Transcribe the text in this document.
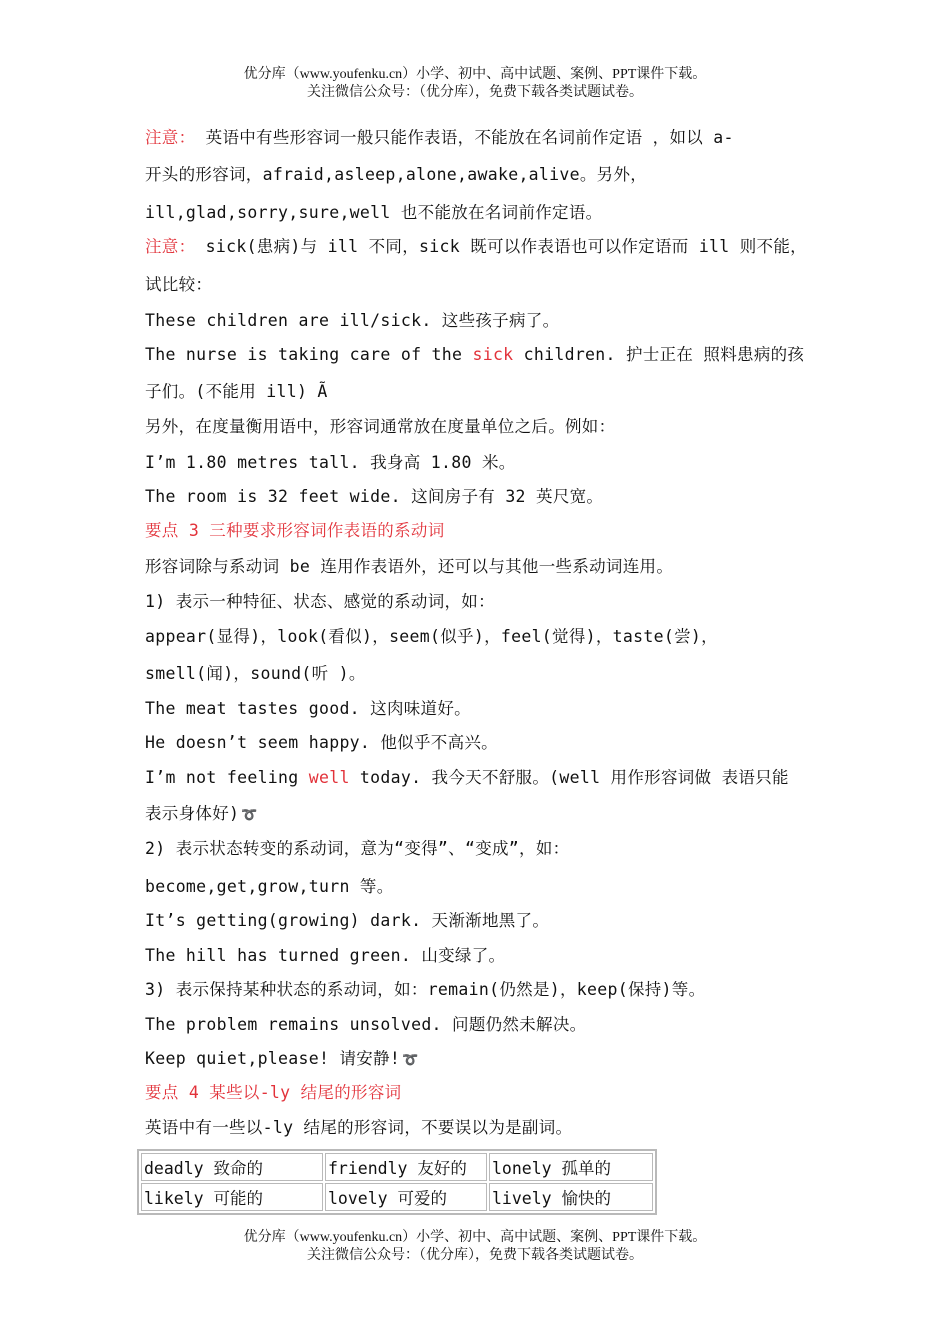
优分库（www.youfenku.cn）小学、初中、高中试题、案例、PPT课件下载。
关注微信公众号：（优分库），免费下载各类试题试卷。
注意： 英语中有些形容词一般只能作表语，不能放在名词前作定语 ，如以 a-
开头的形容词，afraid,asleep,alone,awake,alive。另外，
ill,glad,sorry,sure,well 也不能放在名词前作定语。
注意： sick(患病)与 ill 不同，sick 既可以作表语也可以作定语而 ill 则不能，
试比较：
These children are ill/sick. 这些孩子病了。
The nurse is taking care of the sick children. 护士正在 照料患病的孩
子们。(不能用 ill) Ã
另外，在度量衡用语中，形容词通常放在度量单位之后。例如：
I’m 1.80 metres tall. 我身高 1.80 米。
The room is 32 feet wide. 这间房子有 32 英尺宽。
要点 3 三种要求形容词作表语的系动词
形容词除与系动词 be 连用作表语外，还可以与其他一些系动词连用。
1) 表示一种特征、状态、感觉的系动词，如：
appear(显得)，look(看似)，seem(似乎)，feel(觉得)，taste(尝)，
smell(闻)，sound(听 )。
The meat tastes good. 这肉味道好。
He doesn’t seem happy. 他似乎不高兴。
I’m not feeling well today. 我今天不舒服。(well 用作形容词做 表语只能
表示身体好) ➰
2) 表示状态转变的系动词，意为“变得”、“变成”，如：
become,get,grow,turn 等。
It’s getting(growing) dark. 天渐渐地黑了。
The hill has turned green. 山变绿了。
3) 表示保持某种状态的系动词，如：remain(仍然是)，keep(保持)等。
The problem remains unsolved. 问题仍然未解决。
Keep quiet,please! 请安静! ➰
要点 4 某些以-ly 结尾的形容词
英语中有一些以-ly 结尾的形容词，不要误以为是副词。
deadly 致命的	friendly 友好的	lonely 孤单的
likely 可能的	lovely 可爱的	lively 愉快的
优分库（www.youfenku.cn）小学、初中、高中试题、案例、PPT课件下载。
关注微信公众号：（优分库），免费下载各类试题试卷。
